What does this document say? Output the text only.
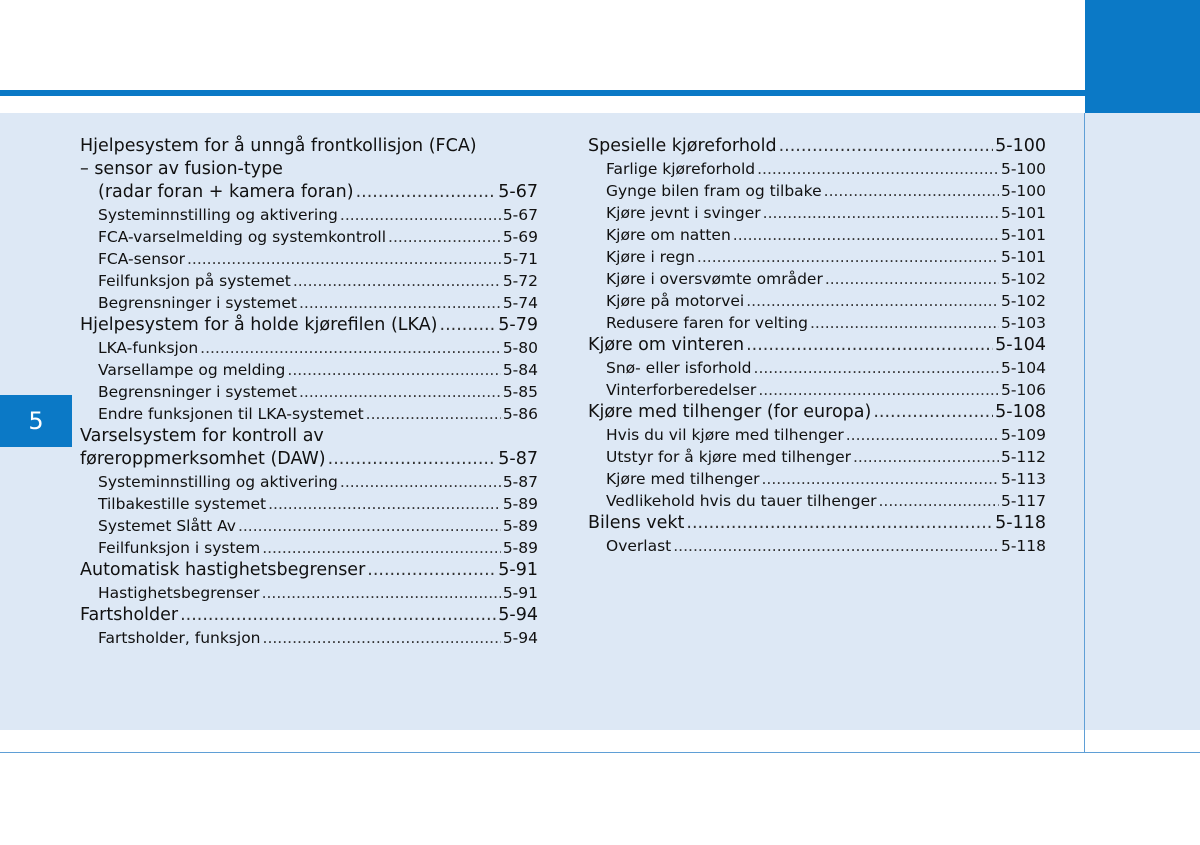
5
Hjelpesystem for å unngå frontkollisjon (FCA)
– sensor av fusion-type
(radar foran + kamera foran) .....	5-67
Systeminnstilling og aktivering .....	5-67
FCA-varselmelding og systemkontroll .....	5-69
FCA-sensor .....	5-71
Feilfunksjon på systemet .....	5-72
Begrensninger i systemet .....	5-74
Hjelpesystem for å holde kjørefilen (LKA) .....	5-79
LKA-funksjon .....	5-80
Varsellampe og melding .....	5-84
Begrensninger i systemet .....	5-85
Endre funksjonen til LKA-systemet .....	5-86
Varselsystem for kontroll av
føreroppmerksomhet (DAW) .....	5-87
Systeminnstilling og aktivering .....	5-87
Tilbakestille systemet .....	5-89
Systemet Slått Av .....	5-89
Feilfunksjon i system .....	5-89
Automatisk hastighetsbegrenser .....	5-91
Hastighetsbegrenser .....	5-91
Fartsholder .....	5-94
Fartsholder, funksjon .....	5-94
Spesielle kjøreforhold .....	5-100
Farlige kjøreforhold .....	5-100
Gynge bilen fram og tilbake .....	5-100
Kjøre jevnt i svinger .....	5-101
Kjøre om natten .....	5-101
Kjøre i regn .....	5-101
Kjøre i oversvømte områder .....	5-102
Kjøre på motorvei .....	5-102
Redusere faren for velting .....	5-103
Kjøre om vinteren .....	5-104
Snø- eller isforhold .....	5-104
Vinterforberedelser .....	5-106
Kjøre med tilhenger (for europa) .....	5-108
Hvis du vil kjøre med tilhenger .....	5-109
Utstyr for å kjøre med tilhenger .....	5-112
Kjøre med tilhenger .....	5-113
Vedlikehold hvis du tauer tilhenger .....	5-117
Bilens vekt .....	5-118
Overlast .....	5-118
